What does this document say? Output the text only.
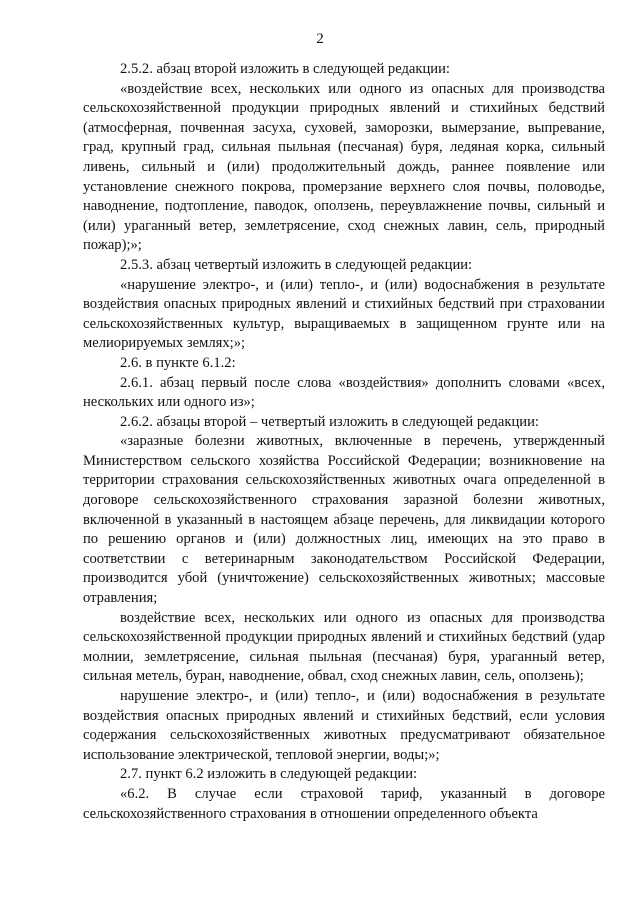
2

2.5.2. абзац второй изложить в следующей редакции:

«воздействие всех, нескольких или одного из опасных для производства сельскохозяйственной продукции природных явлений и стихийных бедствий (атмосферная, почвенная засуха, суховей, заморозки, вымерзание, выпревание, град, крупный град, сильная пыльная (песчаная) буря, ледяная корка, сильный ливень, сильный и (или) продолжительный дождь, раннее появление или установление снежного покрова, промерзание верхнего слоя почвы, половодье, наводнение, подтопление, паводок, оползень, переувлажнение почвы, сильный и (или) ураганный ветер, землетрясение, сход снежных лавин, сель, природный пожар);»;

2.5.3. абзац четвертый изложить в следующей редакции:

«нарушение электро-, и (или) тепло-, и (или) водоснабжения в результате воздействия опасных природных явлений и стихийных бедствий при страховании сельскохозяйственных культур, выращиваемых в защищенном грунте или на мелиорируемых землях;»;

2.6. в пункте 6.1.2:

2.6.1. абзац первый после слова «воздействия» дополнить словами «всех, нескольких или одного из»;

2.6.2. абзацы второй – четвертый изложить в следующей редакции:

«заразные болезни животных, включенные в перечень, утвержденный Министерством сельского хозяйства Российской Федерации; возникновение на территории страхования сельскохозяйственных животных очага определенной в договоре сельскохозяйственного страхования заразной болезни животных, включенной в указанный в настоящем абзаце перечень, для ликвидации которого по решению органов и (или) должностных лиц, имеющих на это право в соответствии с ветеринарным законодательством Российской Федерации, производится убой (уничтожение) сельскохозяйственных животных; массовые отравления;

воздействие всех, нескольких или одного из опасных для производства сельскохозяйственной продукции природных явлений и стихийных бедствий (удар молнии, землетрясение, сильная пыльная (песчаная) буря, ураганный ветер, сильная метель, буран, наводнение, обвал, сход снежных лавин, сель, оползень);

нарушение электро-, и (или) тепло-, и (или) водоснабжения в результате воздействия опасных природных явлений и стихийных бедствий, если условия содержания сельскохозяйственных животных предусматривают обязательное использование электрической, тепловой энергии, воды;»;

2.7. пункт 6.2 изложить в следующей редакции:

«6.2. В случае если страховой тариф, указанный в договоре сельскохозяйственного страхования в отношении определенного объекта
